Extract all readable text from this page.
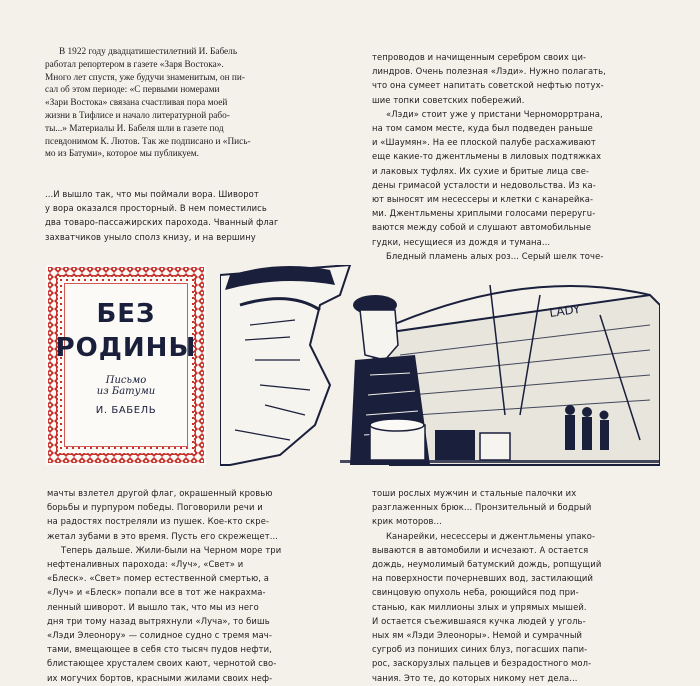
В 1922 году двадцатишестилетний И. Бабель

работал репортером в газете «Заря Востока».

Много лет спустя, уже будучи знаменитым, он пи-

сал об этом периоде: «С первыми номерами

«Зари Востока» связана счастливая пора моей

жизни в Тифлисе и начало литературной рабо-

ты...» Материалы И. Бабеля шли в газете под

псевдонимом К. Лютов. Так же подписано и «Пись-

мо из Батуми», которое мы публикуем.

...И вышло так, что мы поймали вора. Шиворот

у вора оказался просторный. В нем поместились

два товаро-пассажирских парохода. Чванный флаг

захватчиков уныло сполз книзу, и на вершину

тепроводов и начищенным серебром своих ци-

линдров. Очень полезная «Лэди». Нужно полагать,

что она сумеет напитать советской нефтью потух-

шие топки советских побережий.

«Лэди» стоит уже у пристани Черноморртрана,

на том самом месте, куда был подведен раньше

и «Шаумян». На ее плоской палубе расхаживают

еще какие-то джентльмены в лиловых подтяжках

и лаковых туфлях. Их сухие и бритые лица све-

дены гримасой усталости и недовольства. Из ка-

ют выносят им несессеры и клетки с канарейка-

ми. Джентльмены хриплыми голосами переругu-

ваются между собой и слушают автомобильные

гудки, несущиеся из дождя и тумана...

Бледный пламень алых роз... Серый шелк точе-

БЕЗ
РОДИНЫ
Письмо
из Батуми
И. БАБЕЛЬ
LADY

мачты взлетел другой флаг, окрашенный кровью

борьбы и пурпуром победы. Поговорили речи и

на радостях постреляли из пушек. Кое-кто скре-

жетал зубами в это время. Пусть его скрежещет...

Теперь дальше. Жили-были на Черном море три

нефтеналивных парохода: «Луч», «Свет» и

«Блеск». «Свет» помер естественной смертью, а

«Луч» и «Блеск» попали все в тот же накрахма-

ленный шиворот. И вышло так, что мы из него

дня три тому назад вытряхнули «Луча», то бишь

«Лэди Элеонору» — солидное судно с тремя мач-

тами, вмещающее в себя сто тысяч пудов нефти,

блистающее хрусталем своих кают, чернотой сво-

их могучих бортов, красными жилами своих неф-

тоши рослых мужчин и стальные палочки их

разглаженных брюк... Пронзительный и бодрый

крик моторов...

Канарейки, несессеры и джентльмены упако-

вываются в автомобили и исчезают. А остается

дождь, неумолимый батумский дождь, ропщущий

на поверхности почерневших вод, застилающий

свинцовую опухоль неба, роющийся под при-

станью, как миллионы злых и упрямых мышей.

И остается съежившаяся кучка людей у уголь-

ных ям «Лэди Элеоноры». Немой и сумрачный

сугроб из пониших синих блуз, погасших папи-

рос, заскорузлых пальцев и безрадостного мол-

чания. Это те, до которых никому нет дела...
